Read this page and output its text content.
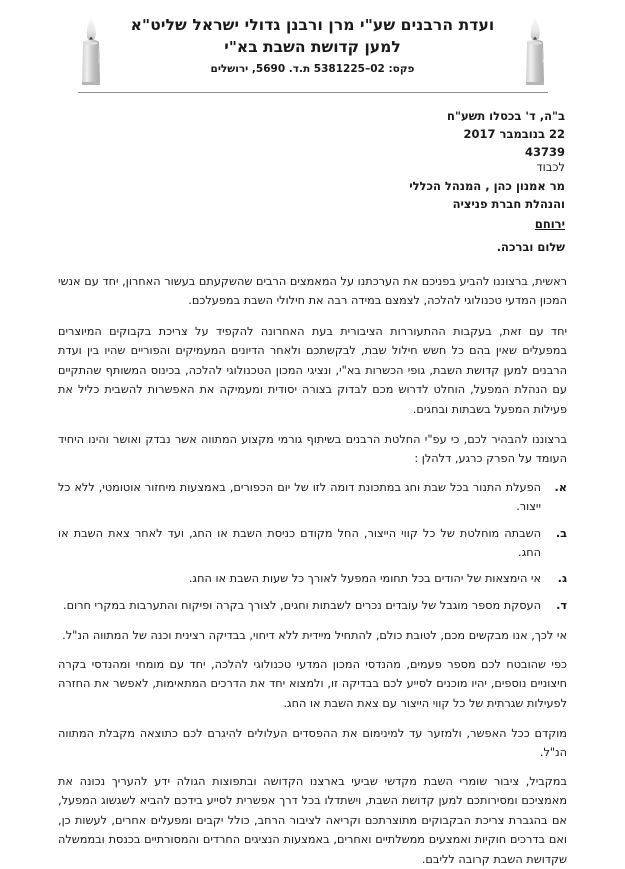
ועדת הרבנים שע"י מרן ורבנן גדולי ישראל שליט"א
למען קדושת השבת בא"י
פקס: 02–5381225 ת.ד. 5690, ירושלים
ב"ה, ד' בכסלו תשע"ח
22 בנובמבר 2017
43739
לכבוד
מר אמנון כהן , המנהל הכללי
והנהלת חברת פניציה
ירוחם
שלום וברכה.

ראשית, ברצוננו להביע בפניכם את הערכתנו על המאמצים הרבים שהשקעתם בעשור האחרון, יחד עם אנשי המכון המדעי טכנולוגי להלכה, לצמצם במידה רבה את חילולי השבת במפעלכם.

יחד עם זאת, בעקבות ההתעוררות הציבורית בעת האחרונה להקפיד על צריכת בקבוקים המיוצרים במפעלים שאין בהם כל חשש חילול שבת, לבקשתכם ולאחר הדיונים המעמיקים והפוריים שהיו בין ועדת הרבנים למען קדושת השבת, גופי הכשרות בא"י, ונציגי המכון הטכנולוגי להלכה, בכינוס המשותף שהתקיים עם הנהלת המפעל, הוחלט לדרוש מכם לבדוק בצורה יסודית ומעמיקה את האפשרות להשבית כליל את פעילות המפעל בשבתות ובחגים.

ברצוננו להבהיר לכם, כי עפ"י החלטת הרבנים בשיתוף גורמי מקצוע המתווה אשר נבדק ואושר והינו היחיד העומד על הפרק כרגע, דלהלן :

א.
הפעלת התנור בכל שבת וחג במתכונת דומה לזו של יום הכפורים, באמצעות מיחזור אוטומטי, ללא כל ייצור.
ב.
השבתה מוחלטת של כל קווי הייצור, החל מקודם כניסת השבת או החג, ועד לאחר צאת השבת או החג.
ג.
אי הימצאות של יהודים בכל תחומי המפעל לאורך כל שעות השבת או החג.
ד.
העסקת מספר מוגבל של עובדים נכרים לשבתות וחגים, לצורך בקרה ופיקוח והתערבות במקרי חרום.

אי לכך, אנו מבקשים מכם, לטובת כולם, להתחיל מיידית ללא דיחוי, בבדיקה רצינית וכנה של המתווה הנ"ל.

כפי שהובטח לכם מספר פעמים, מהנדסי המכון המדעי טכנולוגי להלכה, יחד עם מומחי ומהנדסי בקרה חיצוניים נוספים, יהיו מוכנים לסייע לכם בבדיקה זו, ולמצוא יחד את הדרכים המתאימות, לאפשר את החזרה לפעילות שגרתית של כל קווי הייצור עם צאת השבת או החג.

מוקדם ככל האפשר, ולמזער עד למינימום את ההפסדים העלולים להיגרם לכם כתוצאה מקבלת המתווה הנ"ל.

במקביל, ציבור שומרי השבת מקדשי שביעי בארצנו הקדושה ובתפוצות הגולה ידע להעריך נכונה את מאמציכם ומסירותכם למען קדושת השבת, וישתדלו בכל דרך אפשרית לסייע בידכם להביא לשגשוג המפעל, אם בהגברת צריכת הבקבוקים מתוצרתכם וקריאה לציבור הרחב, כולל יקבים ומפעלים אחרים, לעשות כן, ואם בדרכים חוקיות ואמצעים ממשלתיים ואחרים, באמצעות הנציגים החרדים והמסורתיים בכנסת ובממשלה שקדושת השבת קרובה לליבם.
